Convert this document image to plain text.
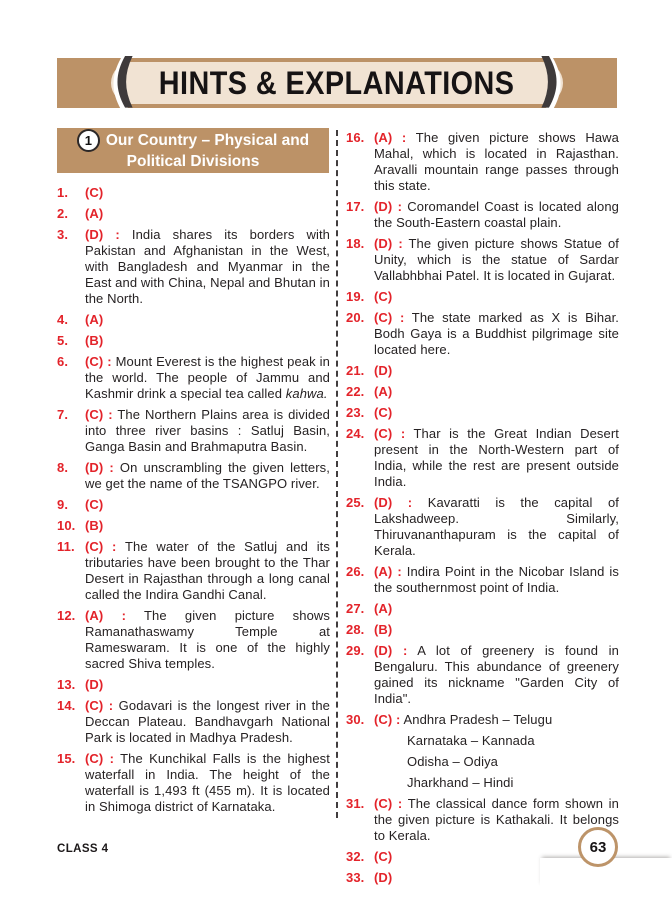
( HINTS & EXPLANATIONS )
1 Our Country – Physical and
Political Divisions
1.	(C)
2.	(A)
3.	(D) : India shares its borders with Pakistan and Afghanistan in the West, with Bangladesh and Myanmar in the East and with China, Nepal and Bhutan in the North.
4.	(A)
5.	(B)
6.	(C) : Mount Everest is the highest peak in the world. The people of Jammu and Kashmir drink a special tea called kahwa.
7.	(C) : The Northern Plains area is divided into three river basins : Satluj Basin, Ganga Basin and Brahmaputra Basin.
8.	(D) : On unscrambling the given letters, we get the name of the TSANGPO river.
9.	(C)
10. (B)
11. (C) : The water of the Satluj and its tributaries have been brought to the Thar Desert in Rajasthan through a long canal called the Indira Gandhi Canal.
12. (A) : The given picture shows Ramanathaswamy Temple at Rameswaram. It is one of the highly sacred Shiva temples.
13. (D)
14. (C) : Godavari is the longest river in the Deccan Plateau. Bandhavgarh National Park is located in Madhya Pradesh.
15. (C) : The Kunchikal Falls is the highest waterfall in India. The height of the waterfall is 1,493 ft (455 m). It is located in Shimoga district of Karnataka.
16. (A) : The given picture shows Hawa Mahal, which is located in Rajasthan. Aravalli mountain range passes through this state.
17. (D) : Coromandel Coast is located along the South-Eastern coastal plain.
18. (D) : The given picture shows Statue of Unity, which is the statue of Sardar Vallabhbhai Patel. It is located in Gujarat.
19. (C)
20. (C) : The state marked as X is Bihar. Bodh Gaya is a Buddhist pilgrimage site located here.
21. (D)
22. (A)
23. (C)
24. (C) : Thar is the Great Indian Desert present in the North-Western part of India, while the rest are present outside India.
25. (D) : Kavaratti is the capital of Lakshadweep. Similarly, Thiruvananthapuram is the capital of Kerala.
26. (A) : Indira Point in the Nicobar Island is the southernmost point of India.
27. (A)
28. (B)
29. (D) : A lot of greenery is found in Bengaluru. This abundance of greenery gained its nickname "Garden City of India".
30. (C) : Andhra Pradesh – Telugu
Karnataka – Kannada
Odisha – Odiya
Jharkhand – Hindi
31. (C) : The classical dance form shown in the given picture is Kathakali. It belongs to Kerala.
32. (C)
33. (D)
CLASS 4	63
